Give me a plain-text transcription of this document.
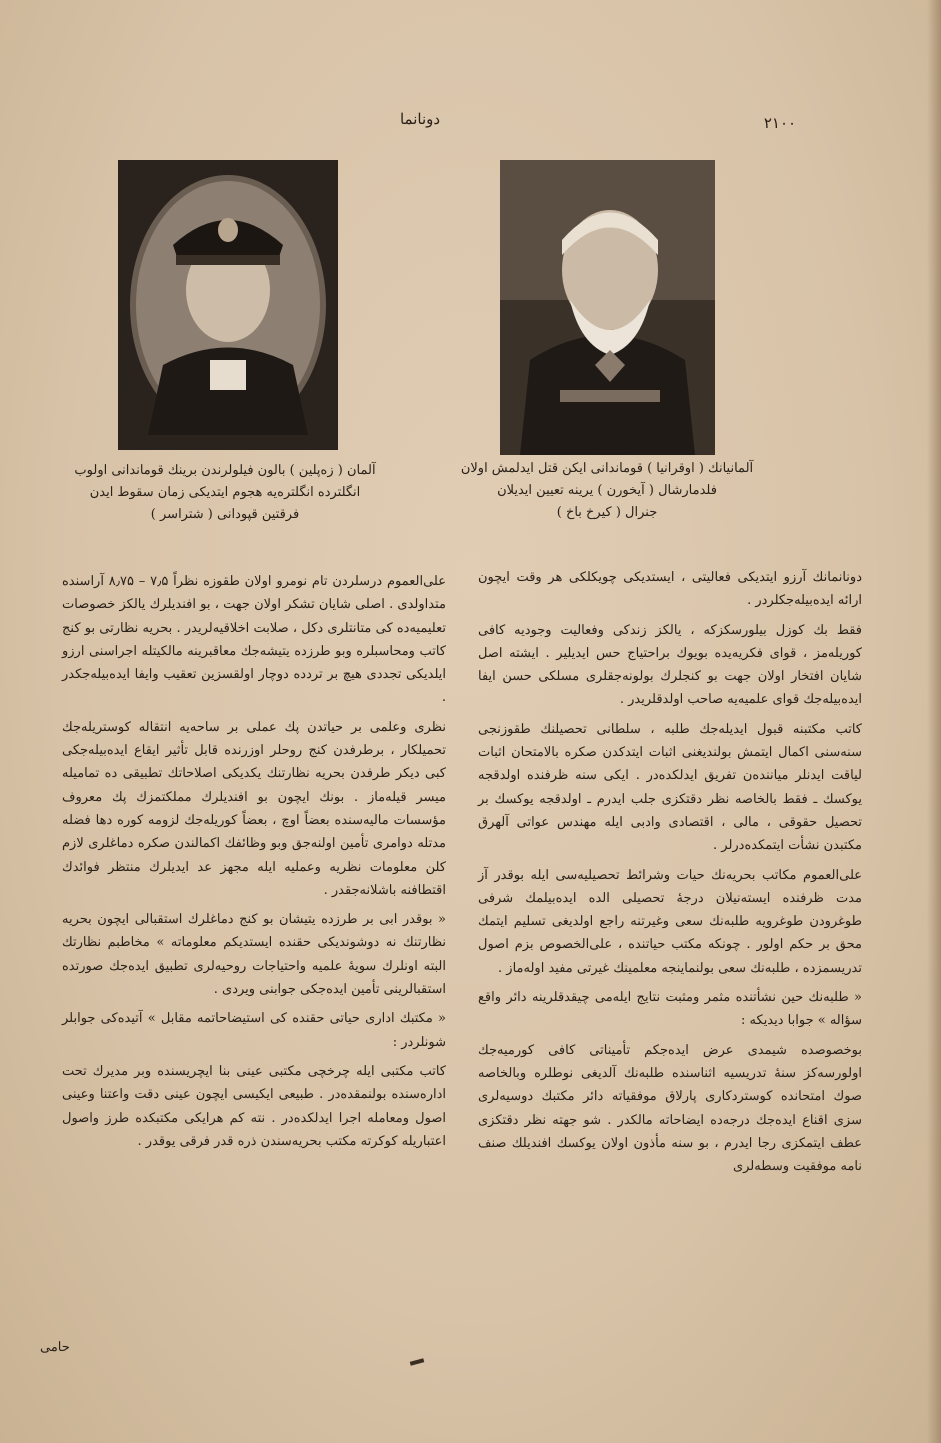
۲۱۰۰
دونانما
آلمانیانك ( اوقرانیا ) قوماندانی ایکن قتل ایدلمش اولان
فلدمارشال ( آیخورن ) یرینه تعیین ایدیلان
جنرال ( کیرخ باخ )
آلمان ( زه‌پلین ) بالون فیلولرندن برینك قوماندانی اولوب
انگلترده انگلتره‌یه هجوم ایتدیکی زمان سقوط ایدن
فرقتین قپودانی ( شتراسر )

دونانمانك آرزو ایتدیکی فعالیتی ، ایستدیکی چویکلکی هر وقت ایچون ارائه ایده‌بیله‌جکلردر .

فقط بك کوزل بیلورسکزکه ، یالکز زندکی وفعالیت وجودیه کافی کوریله‌مز ، قوای فکریه‌یده بویوك براحتیاج حس ایدیلیر . ایشته اصل شایان افتخار اولان جهت بو کنجلرك بولونه‌جقلری مسلکی حسن ایفا ایده‌بیله‌جك قوای علمیه‌یه صاحب اولدقلریدر .

کاتب مکتبنه قبول ایدیله‌جك طلبه ، سلطانی تحصیلنك طقوزنجی سنه‌سنی اکمال ایتمش بولندیغنی اثبات ایتدکدن صکره بالامتحان اثبات لیاقت ایدنلر میاننده‌ن تفریق ایدلکده‌در . ایکی سنه ظرفنده اولدقجه یوکسك ـ فقط بالخاصه نظر دقتکزی جلب ایدرم ـ اولدقجه یوکسك بر تحصیل حقوقی ، مالی ، اقتصادی وادبی ایله مهندس عواتی آلهرق مکتبدن نشأت ایتمکده‌درلر .

علی‌العموم مکاتب بحریه‌نك حیات وشرائط تحصیلیه‌سی ایله بوقدر آز مدت ظرفنده ایسته‌نیلان درجهٔ تحصیلی الده ایده‌بیلمك شرفی طوغرودن طوغرویه طلبه‌نك سعی وغیرتنه راجع اولدیغی تسلیم ایتمك محق بر حکم اولور . چونکه مکتب حیاتنده ، علی‌الخصوص بزم اصول تدریسمزده ، طلبه‌نك سعی بولنماینجه معلمینك غیرتی مفید اوله‌ماز .

« طلبه‌نك حین نشأتنده مثمر ومثبت نتایج ایله‌می چیقدقلرینه دائر واقع سؤاله » جوابا دیدیکه :

بوخصوصده شیمدی عرض ایده‌جکم تأمیناتی کافی کورمیه‌جك اولورسه‌کز سنهٔ تدریسیه اثناسنده طلبه‌نك آلدیغی نوطلره وبالخاصه صوك امتحانده کوستردکاری پارلاق موفقیاته دائر مکتبك دوسیه‌لری سزی اقناع ایده‌جك درجه‌ده ایضاحاته مالکدر . شو جهته نظر دقتکزی عطف ایتمکزی رجا ایدرم ، بو سنه مأذون اولان یوکسك افندیلك صنف نامه موفقیت وسطه‌لری

علی‌العموم درسلردن تام نومرو اولان طقوزه نظراً ۷٫۵ – ۸٫۷۵ آراسنده متداولدی . اصلی شایان تشکر اولان جهت ، بو افندیلرك یالکز خصوصات تعلیمیه‌ده کی متانتلری دکل ، صلابت اخلاقیه‌لریدر . بحریه نظارتی بو کنج کاتب ومحاسبلره وبو طرزده یتیشه‌جك معاقبرینه مالکیتله اجراسنی ارزو ایلدیکی تجددی هیچ بر تردده دوچار اولقسزین تعقیب وایفا ایده‌بیله‌جکدر .

نظری وعلمی بر حیاتدن پك عملی بر ساحه‌یه انتقاله کوستریله‌جك تحمیلکار ، برطرفدن کنج روحلر اوزرنده قابل تأثیر ایقاع ایده‌بیله‌جکی کبی دیکر طرفدن بحریه نظارتنك یکدیکی اصلاحاتك تطبیقی ده تمامیله میسر قیله‌ماز . بونك ایچون بو افندیلرك مملکتمزك پك معروف مؤسسات مالیه‌سنده بعضاً اوچ ، بعضاً کوریله‌جك لزومه کوره دها فضله مدتله دوامری تأمین اولنه‌جق وبو وظائفك اکمالندن صکره دماغلری لازم کلن معلومات نظریه وعملیه ایله مجهز عد ایدیلرك منتظر فوائدك اقتطافنه باشلانه‌جقدر .

« بوقدر ابی بر طرزده یتیشان بو کنج دماغلرك استقبالی ایچون بحریه نظارتنك نه دوشوندیکی حقنده ایستدیکم معلوماته » مخاطبم نظارتك البته اونلرك سویهٔ علمیه واحتیاجات روحیه‌لری تطبیق ایده‌جك صورتده استقبالرینی تأمین ایده‌جکی جوابنی ویردی .

« مکتبك اداری حیاتی حقنده کی استیضاحاتمه مقابل » آتیده‌کی جوابلر شونلردر :

کاتب مکتبی ایله چرخچی مکتبی عینی بنا ایچریسنده وبر مدیرك تحت اداره‌سنده بولنمقده‌در . طبیعی ایکیسی ایچون عینی دقت واعتنا وعینی اصول ومعامله اجرا ایدلکده‌در . نته کم هرایکی مکتبکده طرز واصول اعتباریله کوکرته مکتب بحریه‌سندن ذره قدر فرقی یوقدر .

حامی
